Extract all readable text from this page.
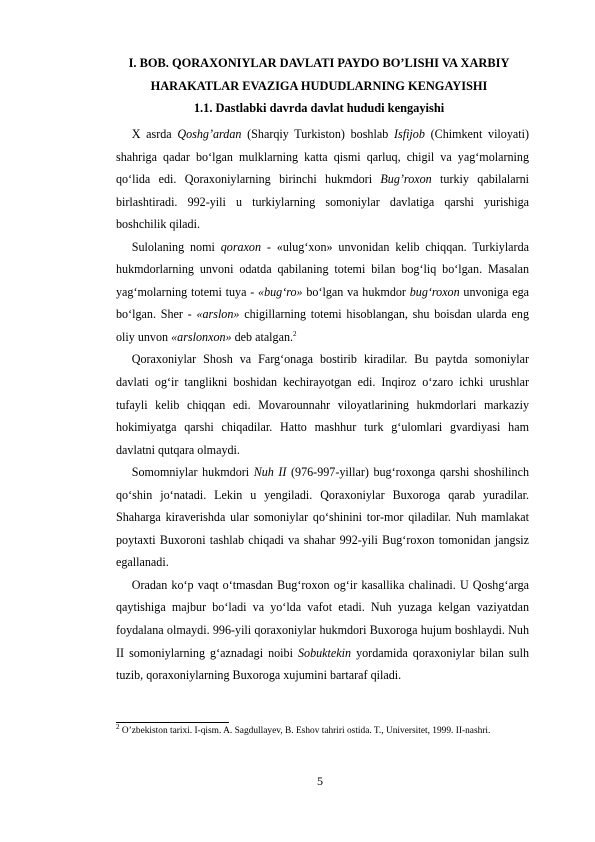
I. BOB. QORAXONIYLAR DAVLATI PAYDO BO’LISHI VA XARBIY
HARAKATLAR EVAZIGA HUDUDLARNING KENGAYISHI
1.1. Dastlabki davrda davlat hududi kengayishi

X asrda Qoshg’ardan (Sharqiy Turkiston) boshlab Isfijob (Chimkent viloyati) shahriga qadar bo‘lgan mulklarning katta qismi qarluq, chigil va yag‘molarning qo‘lida edi. Qoraxoniylarning birinchi hukmdori Bug’roxon turkiy qabilalarni birlashtiradi. 992-yili u turkiylarning somoniylar davlatiga qarshi yurishiga boshchilik qiladi.

Sulolaning nomi qoraxon - «ulug‘xon» unvonidan kelib chiqqan. Turkiylarda hukmdorlarning unvoni odatda qabilaning totemi bilan bog‘liq bo‘lgan. Masalan yag‘molarning totemi tuya - «bug‘ro» bo‘lgan va hukmdor bug‘roxon unvoniga ega bo‘lgan. Sher - «arslon» chigillarning totemi hisoblangan, shu boisdan ularda eng oliy unvon «arslonxon» deb atalgan.$^2$

Qoraxoniylar Shosh va Farg‘onaga bostirib kiradilar. Bu paytda somoniylar davlati og‘ir tanglikni boshidan kechirayotgan edi. Inqiroz o‘zaro ichki urushlar tufayli kelib chiqqan edi. Movarounnahr viloyatlarining hukmdorlari markaziy hokimiyatga qarshi chiqadilar. Hatto mashhur turk g‘ulomlari gvardiyasi ham davlatni qutqara olmaydi.

Somomniylar hukmdori Nuh II (976-997-yillar) bug‘roxonga qarshi shoshilinch qo‘shin jo‘natadi. Lekin u yengiladi. Qoraxoniylar Buxoroga qarab yuradilar. Shaharga kiraverishda ular somoniylar qo‘shinini tor-mor qiladilar. Nuh mamlakat poytaxti Buxoroni tashlab chiqadi va shahar 992-yili Bug‘roxon tomonidan jangsiz egallanadi.

Oradan ko‘p vaqt o‘tmasdan Bug‘roxon og‘ir kasallika chalinadi. U Qoshg‘arga qaytishiga majbur bo‘ladi va yo‘lda vafot etadi. Nuh yuzaga kelgan vaziyatdan foydalana olmaydi. 996-yili qoraxoniylar hukmdori Buxoroga hujum boshlaydi. Nuh II somoniylarning g‘aznadagi noibi Sobuktekin yordamida qoraxoniylar bilan sulh tuzib, qoraxoniylarning Buxoroga xujumini bartaraf qiladi.

$^2$ O’zbekiston tarixi. I-qism. A. Sagdullayev, B. Eshov tahriri ostida. T., Universitet, 1999. II-nashri.
5
